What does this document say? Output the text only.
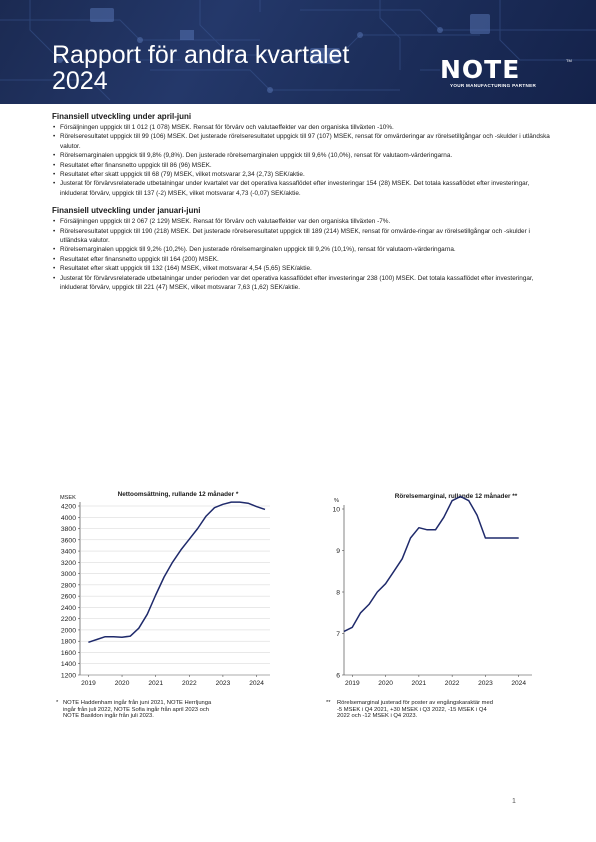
Rapport för andra kvartalet
2024	NOTE	TM
YOUR MANUFACTURING PARTNER
Finansiell utveckling under april-juni
• Försäljningen uppgick till 1 012 (1 078) MSEK. Rensat för förvärv och valutaeffekter var den organiska tillväxten -10%.
• Rörelseresultatet uppgick till 99 (106) MSEK. Det justerade rörelseresultatet uppgick till 97 (107) MSEK, rensat för omvärderingar av rörelsetillgångar och -skulder i utländska valutor.
• Rörelsemarginalen uppgick till 9,8% (9,8%). Den justerade rörelsemarginalen uppgick till 9,6% (10,0%), rensat för valutaom-värderingarna.
• Resultatet efter finansnetto uppgick till 86 (96) MSEK.
• Resultatet efter skatt uppgick till 68 (79) MSEK, vilket motsvarar 2,34 (2,73) SEK/aktie.
• Justerat för förvärvsrelaterade utbetalningar under kvartalet var det operativa kassaflödet efter investeringar 154 (28) MSEK. Det totala kassaflödet efter investeringar, inkluderat förvärv, uppgick till 137 (-2) MSEK, vilket motsvarar 4,73 (-0,07) SEK/aktie.
Finansiell utveckling under januari-juni
• Försäljningen uppgick till 2 067 (2 129) MSEK. Rensat för förvärv och valutaeffekter var den organiska tillväxten -7%.
• Rörelseresultatet uppgick till 190 (218) MSEK. Det justerade rörelseresultatet uppgick till 189 (214) MSEK, rensat för omvärde-ringar av rörelsetillgångar och -skulder i utländska valutor.
• Rörelsemarginalen uppgick till 9,2% (10,2%). Den justerade rörelsemarginalen uppgick till 9,2% (10,1%), rensat för valutaom-värderingarna.
• Resultatet efter finansnetto uppgick till 164 (200) MSEK.
• Resultatet efter skatt uppgick till 132 (164) MSEK, vilket motsvarar 4,54 (5,65) SEK/aktie.
• Justerat för förvärvsrelaterade utbetalningar under perioden var det operativa kassaflödet efter investeringar 238 (100) MSEK. Det totala kassaflödet efter investeringar, inkluderat förvärv, uppgick till 221 (47) MSEK, vilket motsvarar 7,63 (1,62) SEK/aktie.
1200
1400
1600
1800
2000
2200
2400
2600
2800
3000
3200
3400
3600
3800
4000
4200
2019	2020	2021	2022	2023	2024
MSEK	Nettoomsättning, rullande 12 månader *
6
7
8
9
10
2019	2020	2021	2022	2023	2024
%
Rörelsemarginal, rullande 12 månader **
* NOTE Haddenham ingår från juni 2021, NOTE Herrljunga
ingår från juli 2022, NOTE Sofia ingår från april 2023 och
NOTE Basildon ingår från juli 2023.
** Rörelsemarginal justerad för poster av engångskaraktär med
-5 MSEK i Q4 2021, +30 MSEK i Q3 2022, -15 MSEK i Q4
2022 och -12 MSEK i Q4 2023.
1
